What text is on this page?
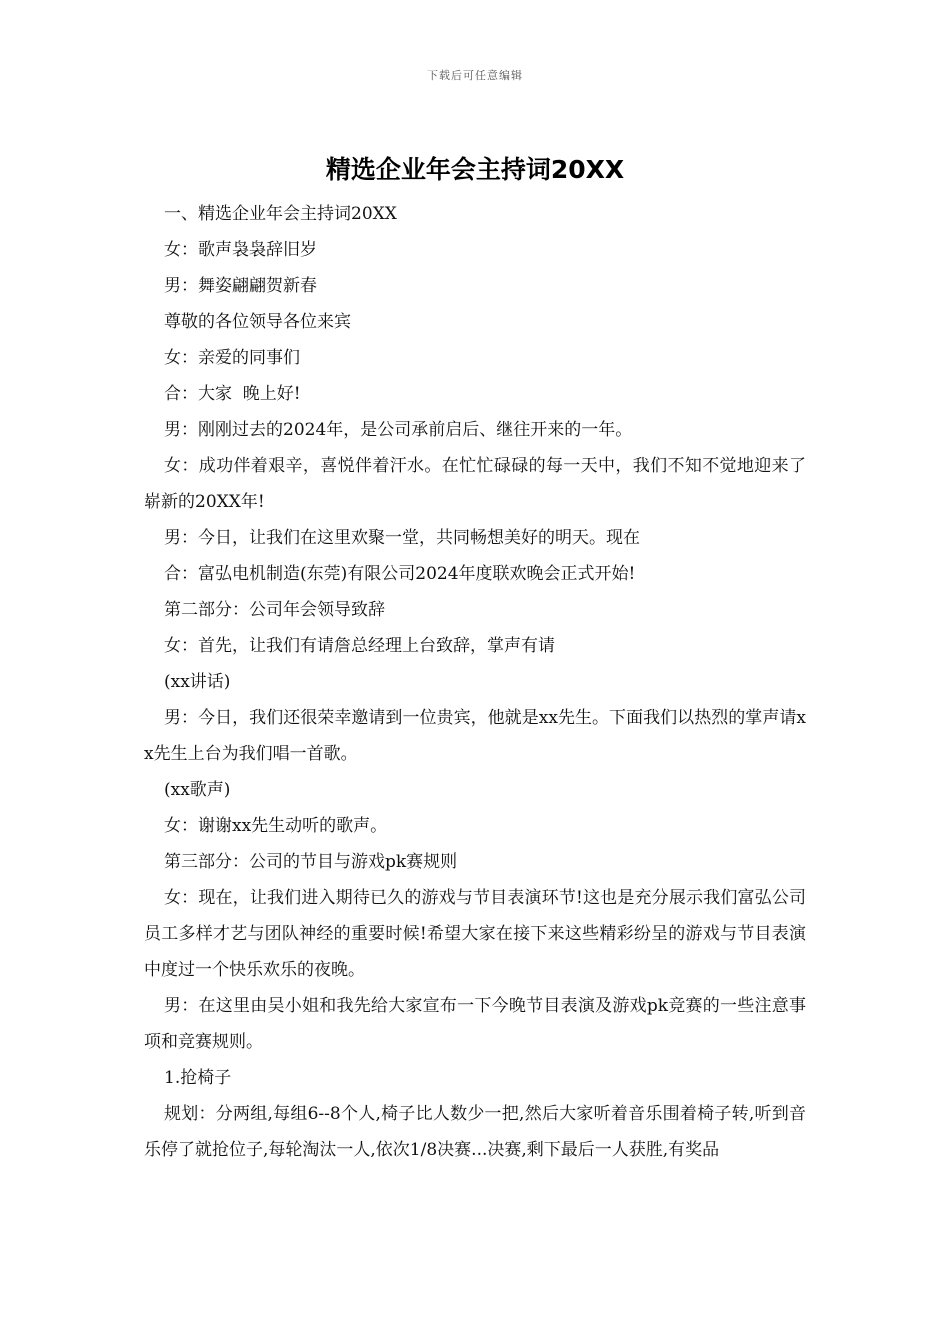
下载后可任意编辑
精选企业年会主持词20XX

一、精选企业年会主持词20XX

女：歌声袅袅辞旧岁

男：舞姿翩翩贺新春

尊敬的各位领导各位来宾

女：亲爱的同事们

合：大家  晚上好!

男：刚刚过去的2024年，是公司承前启后、继往开来的一年。

女：成功伴着艰辛，喜悦伴着汗水。在忙忙碌碌的每一天中，我们不知不觉地迎来了崭新的20XX年!

男：今日，让我们在这里欢聚一堂，共同畅想美好的明天。现在

合：富弘电机制造(东莞)有限公司2024年度联欢晚会正式开始!

第二部分：公司年会领导致辞

女：首先，让我们有请詹总经理上台致辞，掌声有请

(xx讲话)

男：今日，我们还很荣幸邀请到一位贵宾，他就是xx先生。下面我们以热烈的掌声请xx先生上台为我们唱一首歌。

(xx歌声)

女：谢谢xx先生动听的歌声。

第三部分：公司的节目与游戏pk赛规则

女：现在，让我们进入期待已久的游戏与节目表演环节!这也是充分展示我们富弘公司员工多样才艺与团队神经的重要时候!希望大家在接下来这些精彩纷呈的游戏与节目表演中度过一个快乐欢乐的夜晚。

男：在这里由吴小姐和我先给大家宣布一下今晚节目表演及游戏pk竞赛的一些注意事项和竞赛规则。

1.抢椅子

规划：分两组,每组6--8个人,椅子比人数少一把,然后大家听着音乐围着椅子转,听到音乐停了就抢位子,每轮淘汰一人,依次1/8决赛...决赛,剩下最后一人获胜,有奖品
